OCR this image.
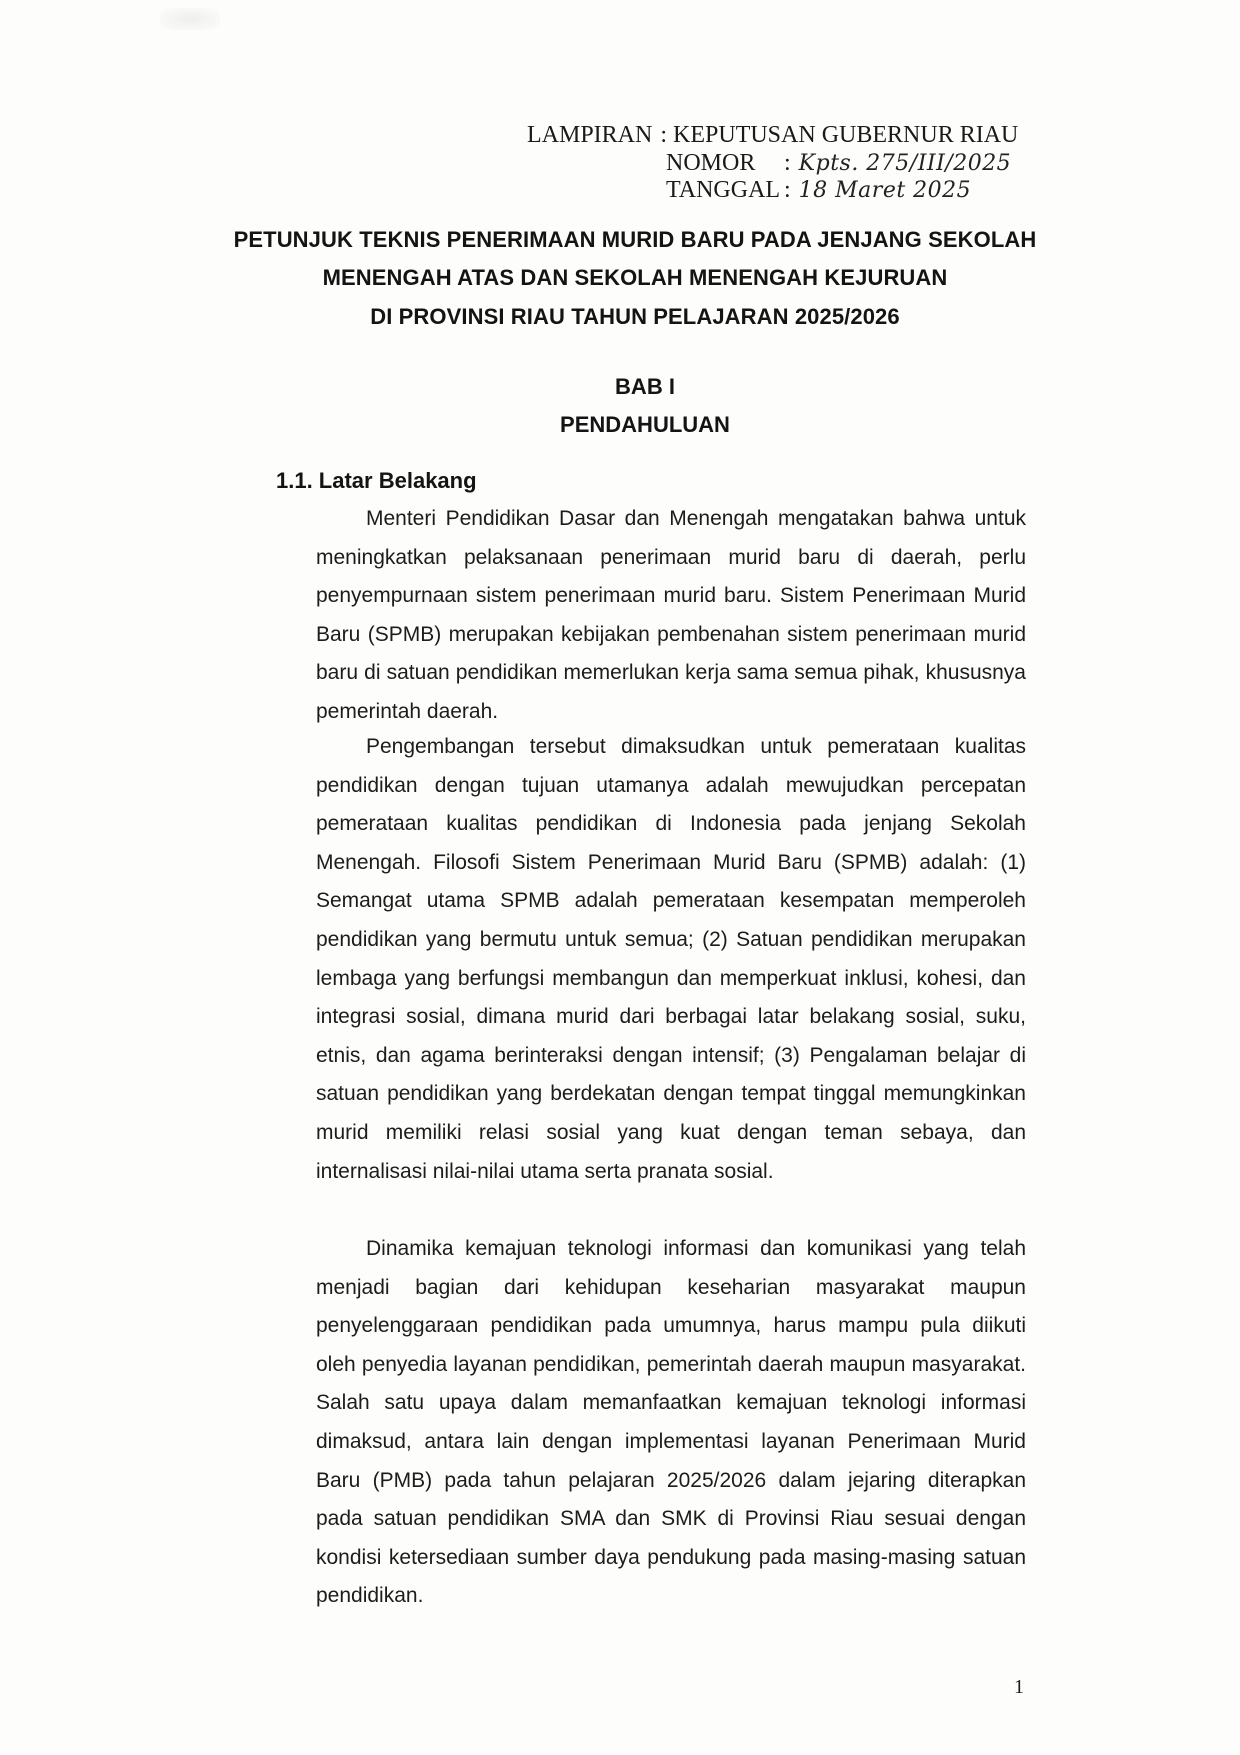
LAMPIRAN : KEPUTUSAN GUBERNUR RIAU
NOMOR : Kpts. 275/III/2025
TANGGAL : 18 Maret 2025
PETUNJUK TEKNIS PENERIMAAN MURID BARU PADA JENJANG SEKOLAH
MENENGAH ATAS DAN SEKOLAH MENENGAH KEJURUAN
DI PROVINSI RIAU TAHUN PELAJARAN 2025/2026
BAB I
PENDAHULUAN
1.1. Latar Belakang

Menteri Pendidikan Dasar dan Menengah mengatakan bahwa untuk meningkatkan pelaksanaan penerimaan murid baru di daerah, perlu penyempurnaan sistem penerimaan murid baru. Sistem Penerimaan Murid Baru (SPMB) merupakan kebijakan pembenahan sistem penerimaan murid baru di satuan pendidikan memerlukan kerja sama semua pihak, khususnya pemerintah daerah.

Pengembangan tersebut dimaksudkan untuk pemerataan kualitas pendidikan dengan tujuan utamanya adalah mewujudkan percepatan pemerataan kualitas pendidikan di Indonesia pada jenjang Sekolah Menengah. Filosofi Sistem Penerimaan Murid Baru (SPMB) adalah: (1) Semangat utama SPMB adalah pemerataan kesempatan memperoleh pendidikan yang bermutu untuk semua; (2) Satuan pendidikan merupakan lembaga yang berfungsi membangun dan memperkuat inklusi, kohesi, dan integrasi sosial, dimana murid dari berbagai latar belakang sosial, suku, etnis, dan agama berinteraksi dengan intensif; (3) Pengalaman belajar di satuan pendidikan yang berdekatan dengan tempat tinggal memungkinkan murid memiliki relasi sosial yang kuat dengan teman sebaya, dan internalisasi nilai-nilai utama serta pranata sosial.

Dinamika kemajuan teknologi informasi dan komunikasi yang telah menjadi bagian dari kehidupan keseharian masyarakat maupun penyelenggaraan pendidikan pada umumnya, harus mampu pula diikuti oleh penyedia layanan pendidikan, pemerintah daerah maupun masyarakat. Salah satu upaya dalam memanfaatkan kemajuan teknologi informasi dimaksud, antara lain dengan implementasi layanan Penerimaan Murid Baru (PMB) pada tahun pelajaran 2025/2026 dalam jejaring diterapkan pada satuan pendidikan SMA dan SMK di Provinsi Riau sesuai dengan kondisi ketersediaan sumber daya pendukung pada masing-masing satuan pendidikan.

1
